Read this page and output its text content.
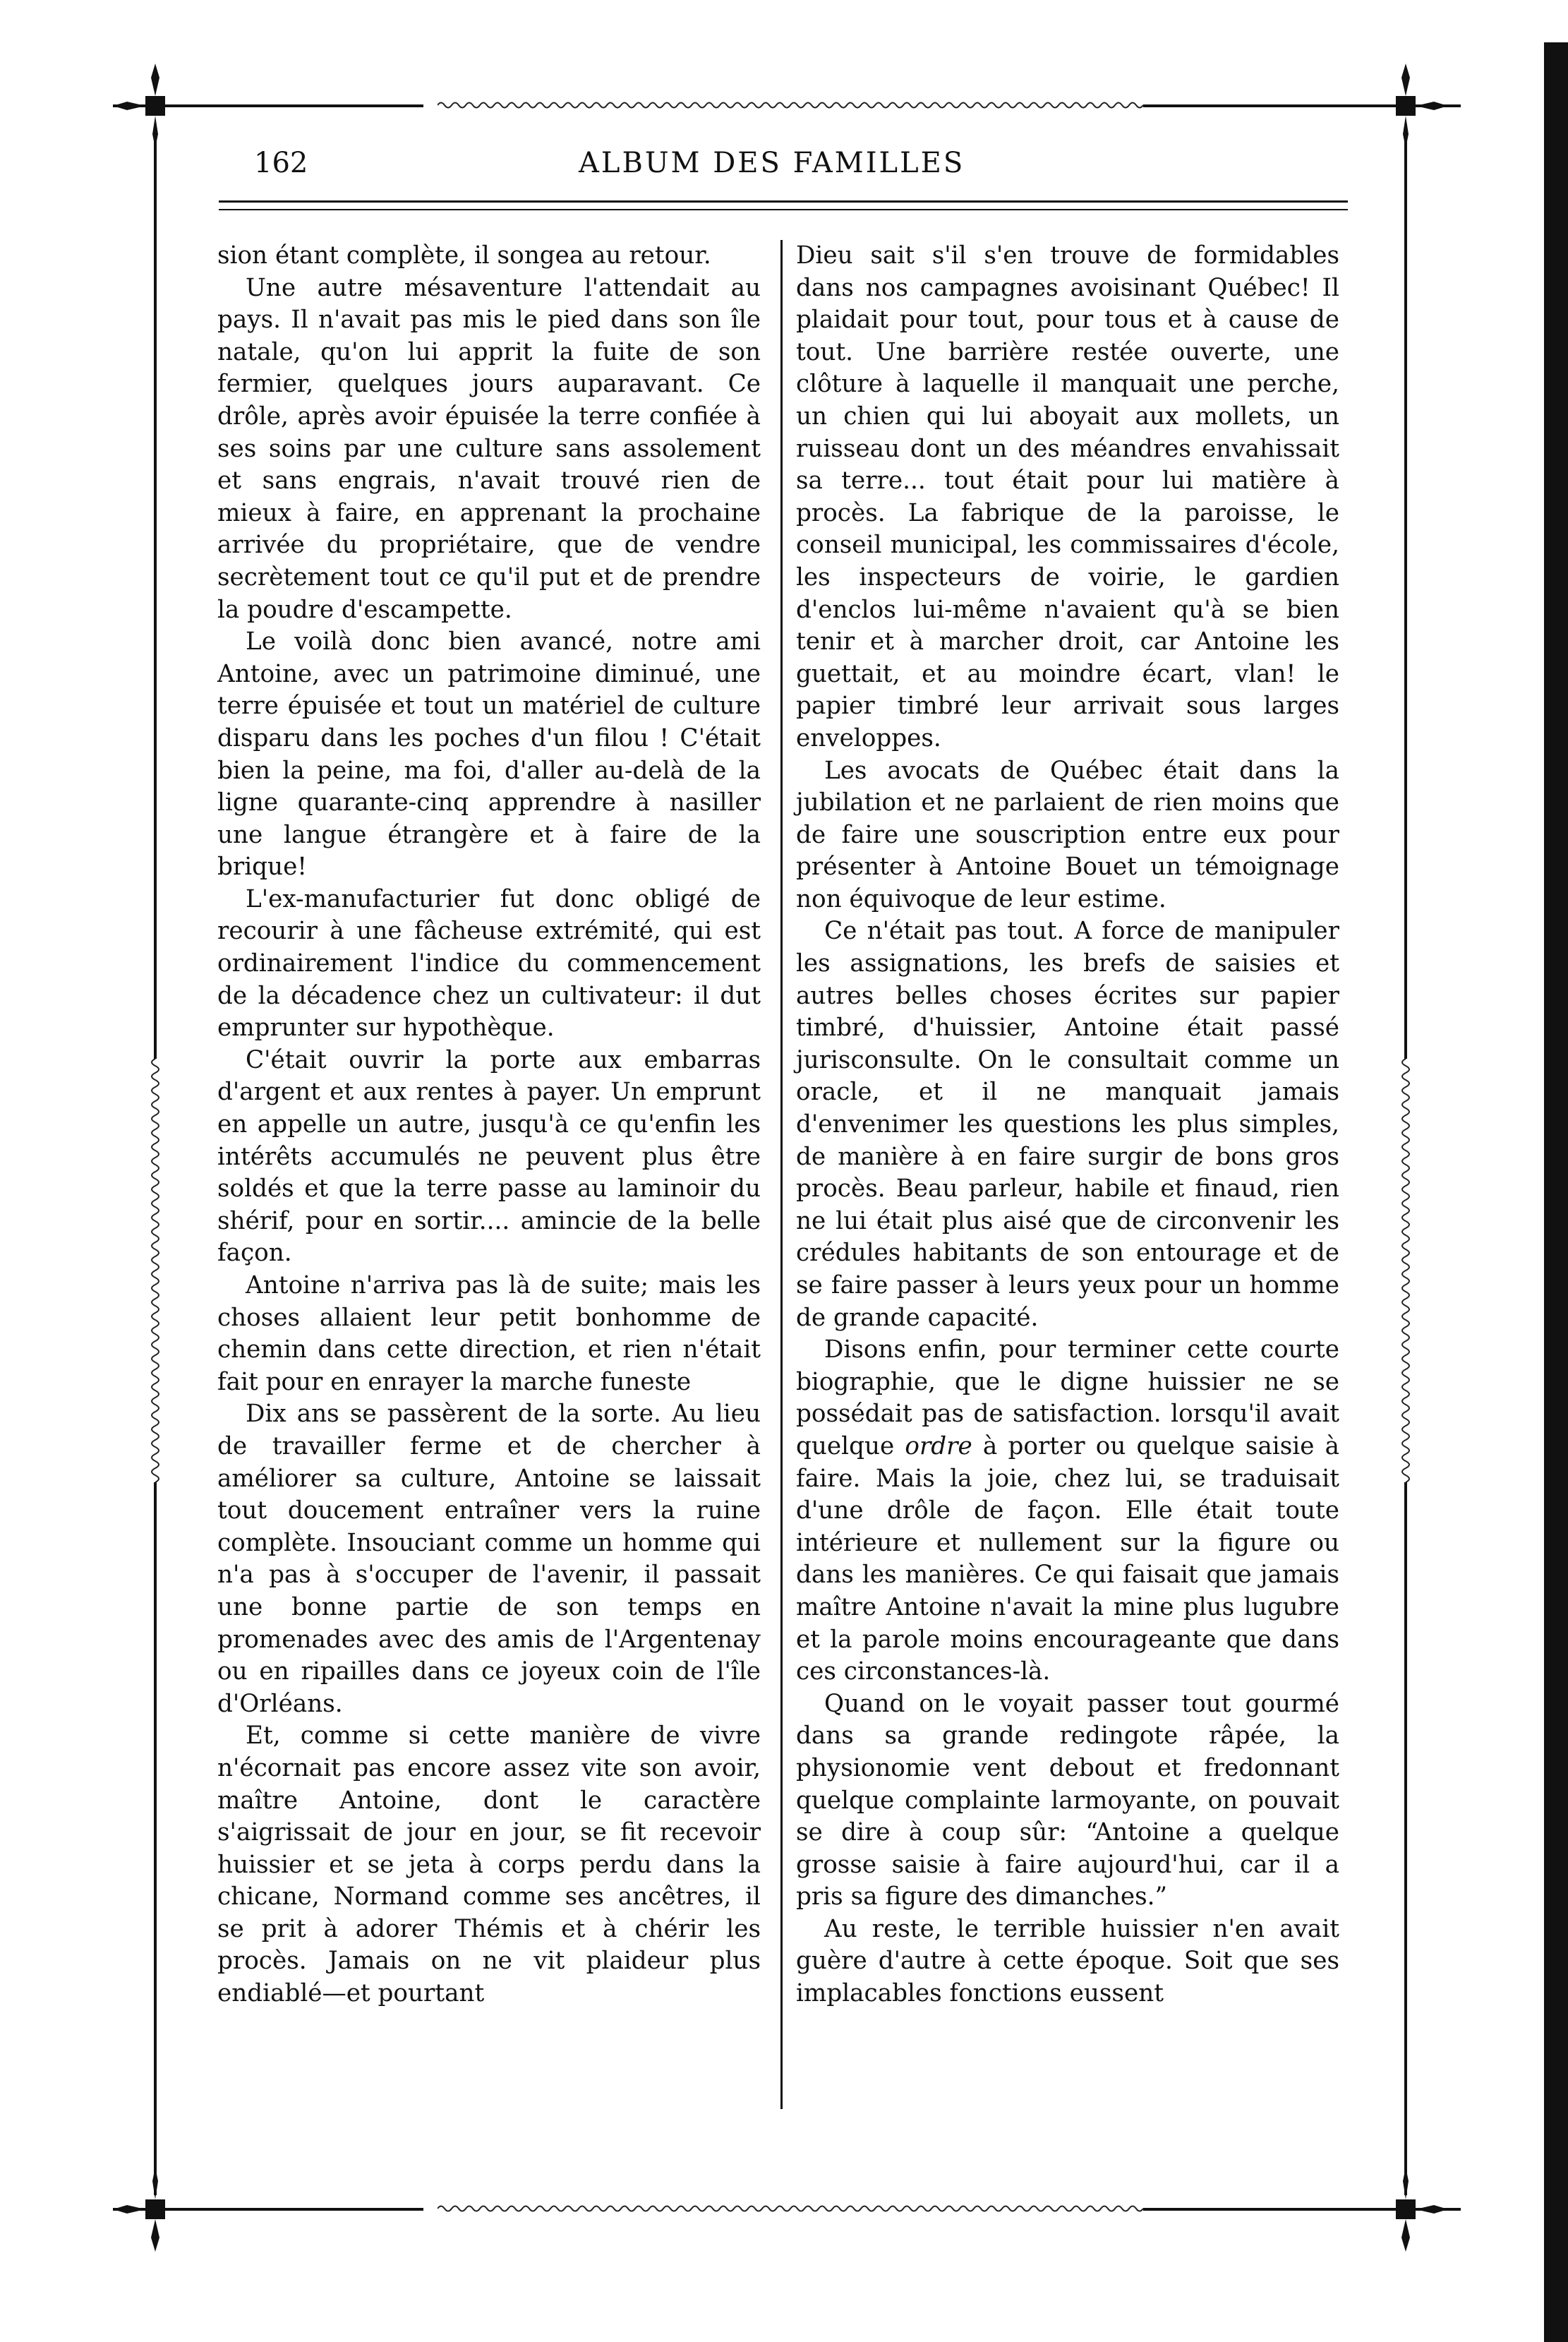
162	ALBUM DES FAMILLES

sion étant complète, il songea au retour.

Une autre mésaventure l'attendait au pays. Il n'avait pas mis le pied dans son île natale, qu'on lui apprit la fuite de son fermier, quelques jours auparavant. Ce drôle, après avoir épuisée la terre confiée à ses soins par une culture sans assolement et sans engrais, n'avait trouvé rien de mieux à faire, en apprenant la prochaine arrivée du propriétaire, que de vendre secrètement tout ce qu'il put et de prendre la poudre d'escampette.

Le voilà donc bien avancé, notre ami Antoine, avec un patrimoine diminué, une terre épuisée et tout un matériel de culture disparu dans les poches d'un filou ! C'était bien la peine, ma foi, d'aller au-delà de la ligne quarante-cinq apprendre à nasiller une langue étrangère et à faire de la brique!

L'ex-manufacturier fut donc obligé de recourir à une fâcheuse extrémité, qui est ordinairement l'indice du commencement de la décadence chez un cultivateur: il dut emprunter sur hypothèque.

C'était ouvrir la porte aux embarras d'argent et aux rentes à payer. Un emprunt en appelle un autre, jusqu'à ce qu'enfin les intérêts accumulés ne peuvent plus être soldés et que la terre passe au laminoir du shérif, pour en sortir.... amincie de la belle façon.

Antoine n'arriva pas là de suite; mais les choses allaient leur petit bonhomme de chemin dans cette direction, et rien n'était fait pour en enrayer la marche funeste

Dix ans se passèrent de la sorte. Au lieu de travailler ferme et de chercher à améliorer sa culture, Antoine se laissait tout doucement entraîner vers la ruine complète. Insouciant comme un homme qui n'a pas à s'occuper de l'avenir, il passait une bonne partie de son temps en promenades avec des amis de l'Argentenay ou en ripailles dans ce joyeux coin de l'île d'Orléans.

Et, comme si cette manière de vivre n'écornait pas encore assez vite son avoir, maître Antoine, dont le caractère s'aigrissait de jour en jour, se fit recevoir huissier et se jeta à corps perdu dans la chicane, Normand comme ses ancêtres, il se prit à adorer Thémis et à chérir les procès. Jamais on ne vit plaideur plus endiablé—et pourtant

Dieu sait s'il s'en trouve de formidables dans nos campagnes avoisinant Québec! Il plaidait pour tout, pour tous et à cause de tout. Une barrière restée ouverte, une clôture à laquelle il manquait une perche, un chien qui lui aboyait aux mollets, un ruisseau dont un des méandres envahissait sa terre... tout était pour lui matière à procès. La fabrique de la paroisse, le conseil municipal, les commissaires d'école, les inspecteurs de voirie, le gardien d'enclos lui-même n'avaient qu'à se bien tenir et à marcher droit, car Antoine les guettait, et au moindre écart, vlan! le papier timbré leur arrivait sous larges enveloppes.

Les avocats de Québec était dans la jubilation et ne parlaient de rien moins que de faire une souscription entre eux pour présenter à Antoine Bouet un témoignage non équivoque de leur estime.

Ce n'était pas tout. A force de manipuler les assignations, les brefs de saisies et autres belles choses écrites sur papier timbré, d'huissier, Antoine était passé jurisconsulte. On le consultait comme un oracle, et il ne manquait jamais d'envenimer les questions les plus simples, de manière à en faire surgir de bons gros procès. Beau parleur, habile et finaud, rien ne lui était plus aisé que de circonvenir les crédules habitants de son entourage et de se faire passer à leurs yeux pour un homme de grande capacité.

Disons enfin, pour terminer cette courte biographie, que le digne huissier ne se possédait pas de satisfaction. lorsqu'il avait quelque ordre à porter ou quelque saisie à faire. Mais la joie, chez lui, se traduisait d'une drôle de façon. Elle était toute intérieure et nullement sur la figure ou dans les manières. Ce qui faisait que jamais maître Antoine n'avait la mine plus lugubre et la parole moins encourageante que dans ces circonstances-là.

Quand on le voyait passer tout gourmé dans sa grande redingote râpée, la physionomie vent debout et fredonnant quelque complainte larmoyante, on pouvait se dire à coup sûr: “Antoine a quelque grosse saisie à faire aujourd'hui, car il a pris sa figure des dimanches.”

Au reste, le terrible huissier n'en avait guère d'autre à cette époque. Soit que ses implacables fonctions eussent
